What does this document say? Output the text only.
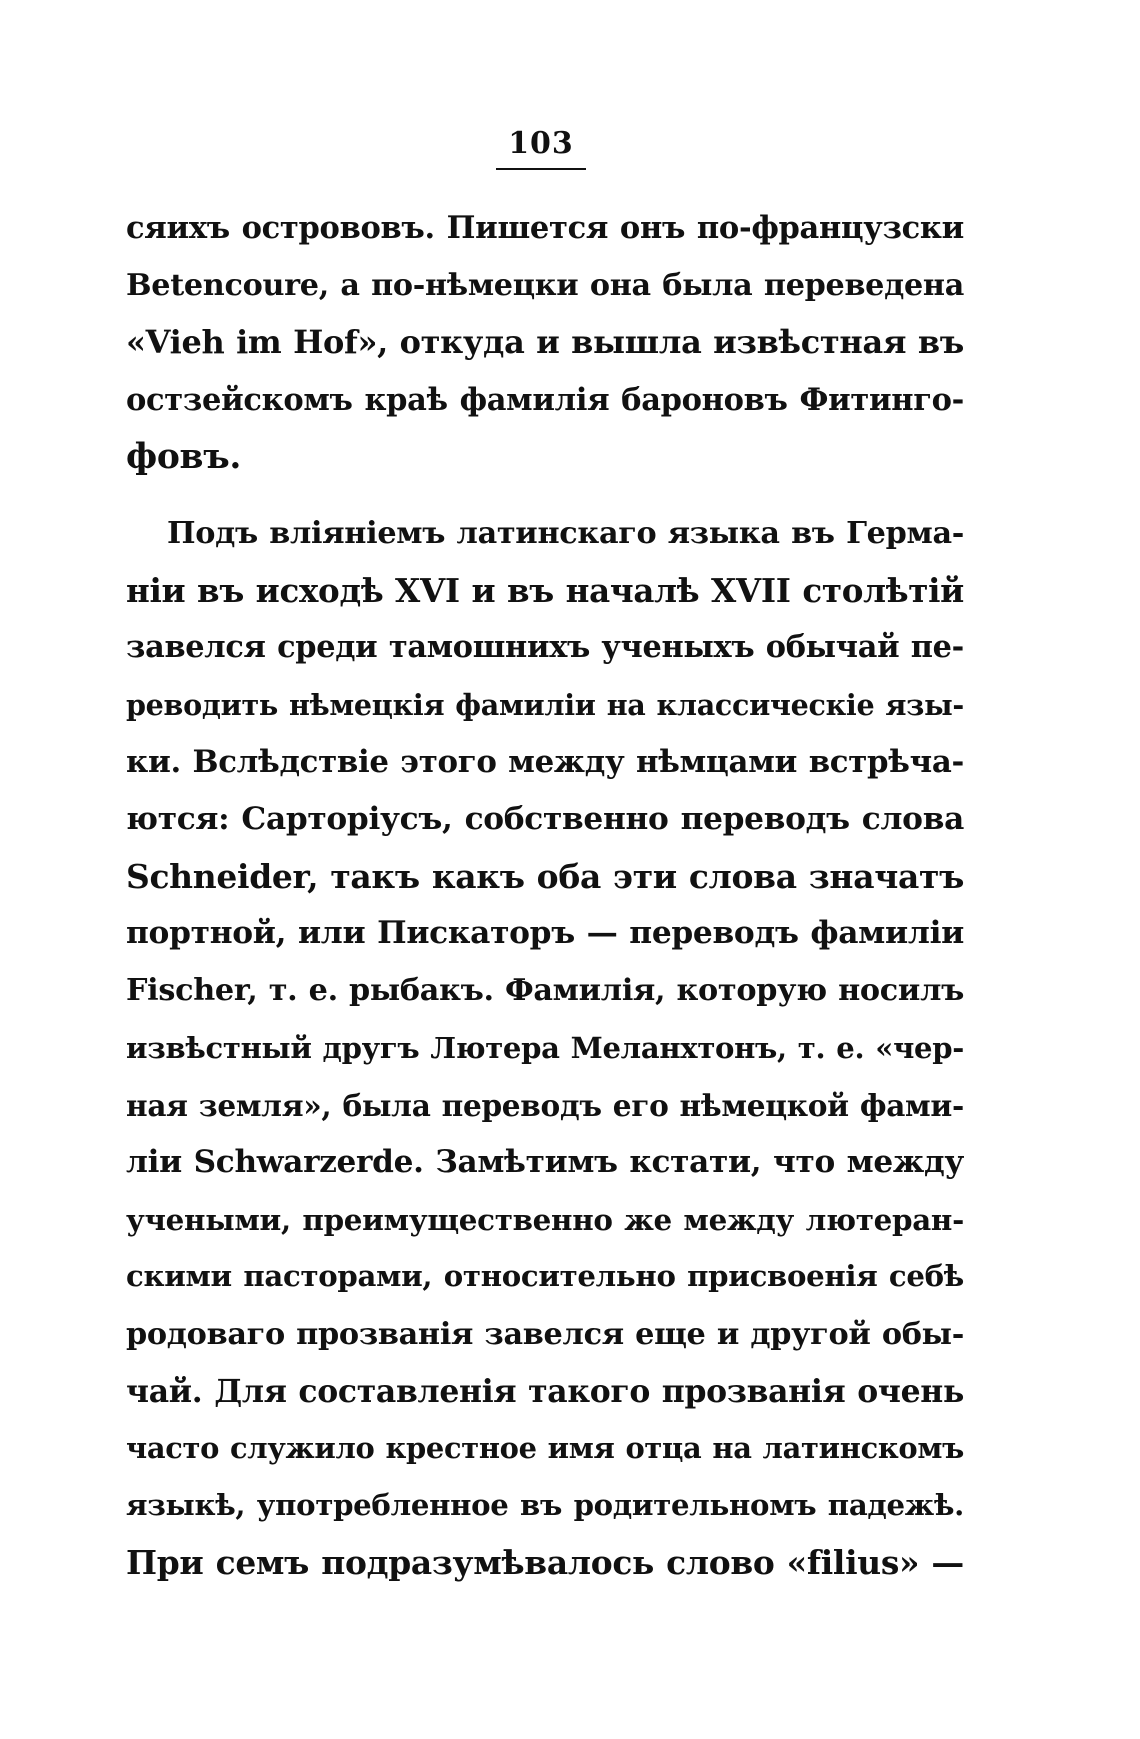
103
сяихъ острововъ. Пишется онъ по-французски
Betencoure, а по-нѣмецки она была переведена
«Vieh im Hof», откуда и вышла извѣстная въ
остзейскомъ краѣ фамилія бароновъ Фитинго-
фовъ.
Подъ вліяніемъ латинскаго языка въ Герма-
ніи въ исходѣ XVI и въ началѣ XVII столѣтій
завелся среди тамошнихъ ученыхъ обычай пе-
реводить нѣмецкія фамиліи на классическіе язы-
ки. Вслѣдствіе этого между нѣмцами встрѣча-
ются: Сарторіусъ, собственно переводъ слова
Schneider, такъ какъ оба эти слова значатъ
портной, или Пискаторъ — переводъ фамиліи
Fischer, т. е. рыбакъ. Фамилія, которую носилъ
извѣстный другъ Лютера Меланхтонъ, т. е. «чер-
ная земля», была переводъ его нѣмецкой фами-
ліи Schwarzerde. Замѣтимъ кстати, что между
учеными, преимущественно же между лютеран-
скими пасторами, относительно присвоенія себѣ
родоваго прозванія завелся еще и другой обы-
чай. Для составленія такого прозванія очень
часто служило крестное имя отца на латинскомъ
языкѣ, употребленное въ родительномъ падежѣ.
При семъ подразумѣвалось слово «filius» —
